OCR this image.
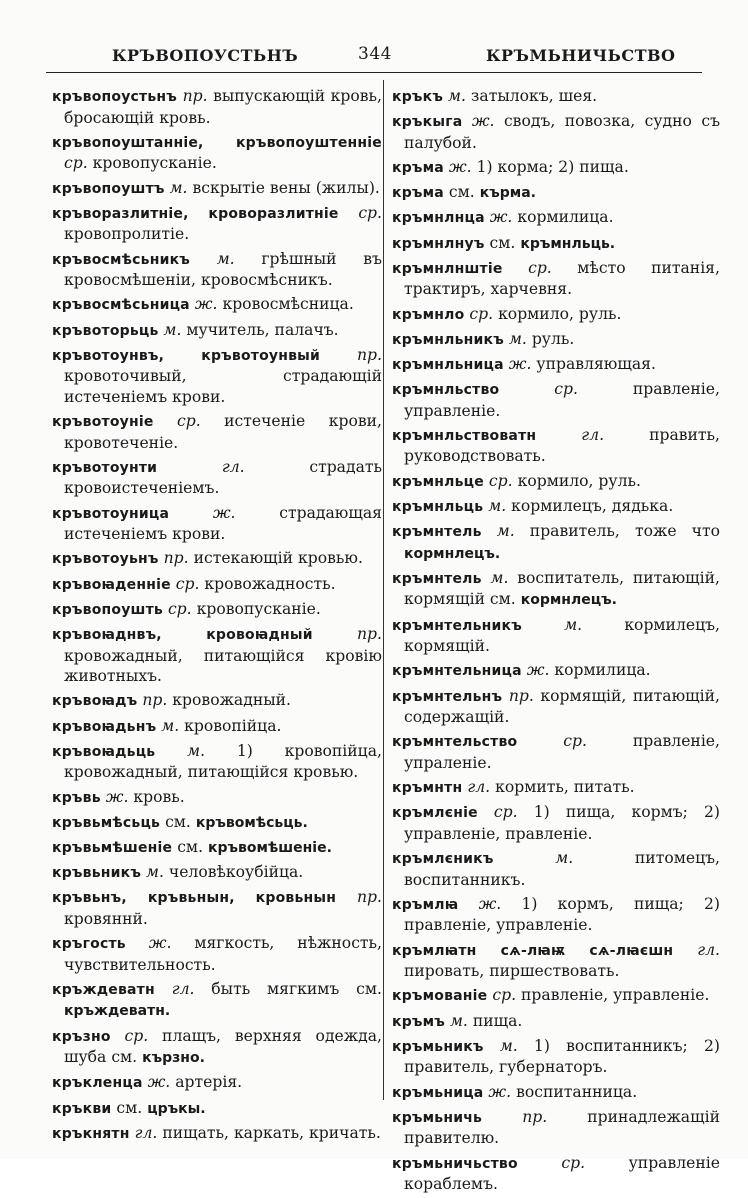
КРЪВОПОУСТЬНЪ	344	КРЪМЬНИЧЬСТВО
кръвопоустьнъ пр. выпускающій кровь, бросающій кровь.
кръвопоуштанніе, кръвопоуштенніе ср. кровопусканіе.
кръвопоуштъ м. вскрытіе вены (жилы).
кръворазлитніе, кроворазлитніе ср. кровопролитіе.
кръвосмѣсьникъ м. грѣшный въ кровосмѣшеніи, кровосмѣсникъ.
кръвосмѣсьница ж. кровосмѣсница.
кръвоторьць м. мучитель, палачъ.
кръвотоунвъ, кръвотоунвый пр. кровоточивый, страдающій истеченіемъ крови.
кръвотоуніе ср. истеченіе крови, кровотеченіе.
кръвотоунти	гл.	страдать кровоистеченіемъ.
кръвотоуница	ж.	страдающая истеченіемъ крови.
кръвотоуьнъ пр. истекающій кровью.
кръвоꙗденніе ср. кровожадность.
кръвопоушть ср. кровопусканіе.
кръвоꙗднвъ, кровоꙗдный	пр. кровожадный, питающійся кровію животныхъ.
кръвоꙗдъ пр. кровожадный.
кръвоꙗдьнъ м. кровопійца.
кръвоꙗдьць м. 1) кровопійца, кровожадный, питающійся кровью.
кръвь ж. кровь.
кръвьмѣсьць см. кръвомѣсьць.
кръвьмѣшеніе см. кръвомѣшеніе.
кръвьникъ м. человѣкоубійца.
кръвьнъ, кръвьнын, кровьнын пр. кровяннй.
кръгость ж. мягкость, нѣжность, чувствительность.
кръждеватн гл. быть мягкимъ см. кръждеватн.
кръзно ср. плащъ, верхняя одежда, шуба см. кързно.
кръкленца ж. артерія.
кръкви см. цръкы.
кръкнятн гл. пищать, каркать, кричать.
кръкъ м. затылокъ, шея.
кръкыга ж. сводъ, повозка, судно съ палубой.
кръма ж. 1) корма; 2) пища.
кръма см. кърма.
кръмнлнца ж. кормилица.
кръмнлнуъ см. кръмнльць.
кръмнлнштіе ср. мѣсто питанія, трактиръ, харчевня.
кръмнло ср. кормило, руль.
кръмнльникъ м. руль.
кръмнльница ж. управляющая.
кръмнльство	ср.	правленіе, управленіе.
кръмнльствоватн	гл.	править, руководствовать.
кръмнльце ср. кормило, руль.
кръмнльць м. кормилецъ, дядька.
кръмнтель м. правитель, тоже что кормнлецъ.
кръмнтель м. воспитатель, питающій, кормящій см. кормнлецъ.
кръмнтельникъ	м.	кормилецъ, кормящій.
кръмнтельница ж. кормилица.
кръмнтельнъ пр. кормящій, питающій, содержащій.
кръмнтельство	ср.	правленіе, упраленіе.
кръмнтн гл. кормить, питать.
кръмлєніе ср. 1) пища, кормъ; 2) управленіе, правленіе.
кръмлєникъ	м.	питомецъ, воспитанникъ.
кръмлꙗ ж. 1) кормъ, пища; 2) правленіе, управленіе.
кръмлꙗтн сѧ-лꙗѭ сѧ-лꙗєшн гл. пировать, пиршествовать.
кръмованіе ср. правленіе, управленіе.
кръмъ м. пища.
кръмьникъ м. 1) воспитанникъ; 2) правитель, губернаторъ.
кръмьница ж. воспитанница.
кръмьничь	пр.	принадлежащій правителю.
кръмьничьство	ср.	управленіе кораблемъ.
